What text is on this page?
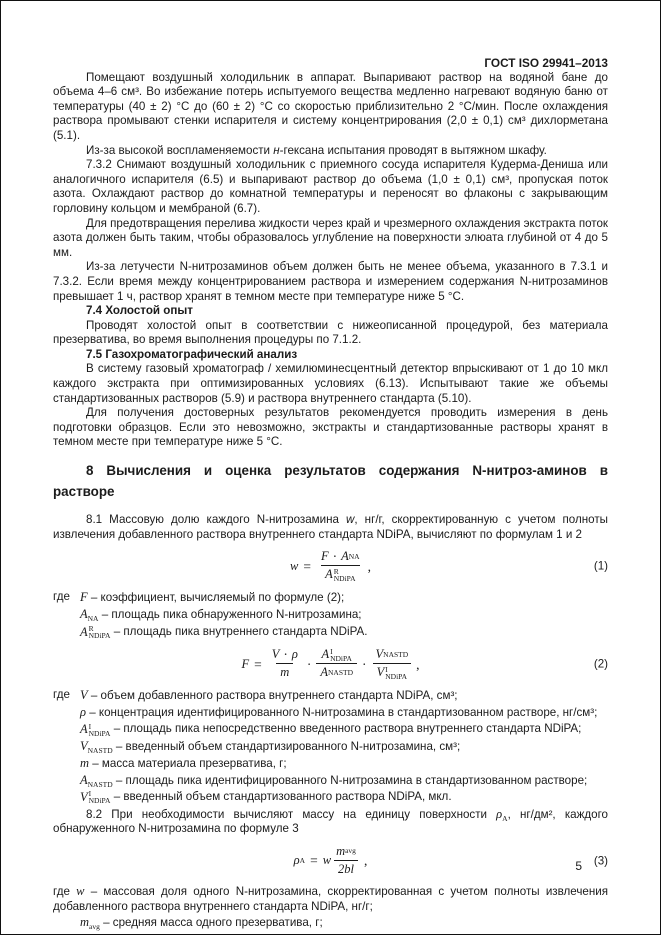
ГОСТ ISO 29941–2013

Помещают воздушный холодильник в аппарат. Выпаривают раствор на водяной бане до объема 4–6 см³. Во избежание потерь испытуемого вещества медленно нагревают водяную баню от температуры (40 ± 2) °С до (60 ± 2) °С со скоростью приблизительно 2 °С/мин. После охлаждения раствора промывают стенки испарителя и систему концентрирования (2,0 ± 0,1) см³ дихлорметана (5.1).

Из-за высокой воспламеняемости н-гексана испытания проводят в вытяжном шкафу.

7.3.2 Снимают воздушный холодильник с приемного сосуда испарителя Кудерма-Дениша или аналогичного испарителя (6.5) и выпаривают раствор до объема (1,0 ± 0,1) см³, пропуская поток азота. Охлаждают раствор до комнатной температуры и переносят во флаконы с закрывающим горловину кольцом и мембраной (6.7).

Для предотвращения перелива жидкости через край и чрезмерного охлаждения экстракта поток азота должен быть таким, чтобы образовалось углубление на поверхности элюата глубиной от 4 до 5 мм.

Из-за летучести N-нитрозаминов объем должен быть не менее объема, указанного в 7.3.1 и 7.3.2. Если время между концентрированием раствора и измерением содержания N-нитрозаминов превышает 1 ч, раствор хранят в темном месте при температуре ниже 5 °С.

7.4 Холостой опыт

Проводят холостой опыт в соответствии с нижеописанной процедурой, без материала презерватива, во время выполнения процедуры по 7.1.2.

7.5 Газохроматографический анализ

В систему газовый хроматограф / хемилюминесцентный детектор впрыскивают от 1 до 10 мкл каждого экстракта при оптимизированных условиях (6.13). Испытывают такие же объемы стандартизованных растворов (5.9) и раствора внутреннего стандарта (5.10).

Для получения достоверных результатов рекомендуется проводить измерения в день подготовки образцов. Если это невозможно, экстракты и стандартизованные растворы хранят в темном месте при температуре ниже 5 °С.

8 Вычисления и оценка результатов содержания N-нитроз-аминов в
растворе

8.1 Массовую долю каждого N-нитрозамина w, нг/г, скорректированную с учетом полноты извлечения добавленного раствора внутреннего стандарта NDiPA, вычисляют по формулам 1 и 2

w = F · A NA
A R
NDiPA ,	(1)
где F – коэффициент, вычисляемый по формуле (2);
$A_{NA}$ – площадь пика обнаруженного N-нитрозамина;
A R
NDiPA – площадь пика внутреннего стандарта NDiPA.
$F = \frac{V \cdot \rho}{m} \cdot A$ I
NDiPA
A NASTD · V NASTD
V I
NDiPA ,	(2)
где V – объем добавленного раствора внутреннего стандарта NDiPA, см³;
ρ – концентрация идентифицированного N-нитрозамина в стандартизованном растворе, нг/см³;
A I
NDiPA – площадь пика непосредственно введенного раствора внутреннего стандарта NDiPA;
$V_{NASTD}$ – введенный объем стандартизированного N-нитрозамина, см³;
m – масса материала презерватива, г;
$A_{NASTD}$ – площадь пика идентифицированного N-нитрозамина в стандартизованном растворе;
V I
NDiPA – введенный объем стандартизованного раствора NDiPA, мкл.

8.2 При необходимости вычисляют массу на единицу поверхности $\rho_A$, нг/дм², каждого обнаруженного N-нитрозамина по формуле 3

ρ A = w $\frac{\text{m avg}}{2bl}$ ,	(3)

где w – массовая доля одного N-нитрозамина, скорректированная с учетом полноты извлечения добавленного раствора внутреннего стандарта NDiPA, нг/г;

$m_{avg}$ – средняя масса одного презерватива, г;
5
